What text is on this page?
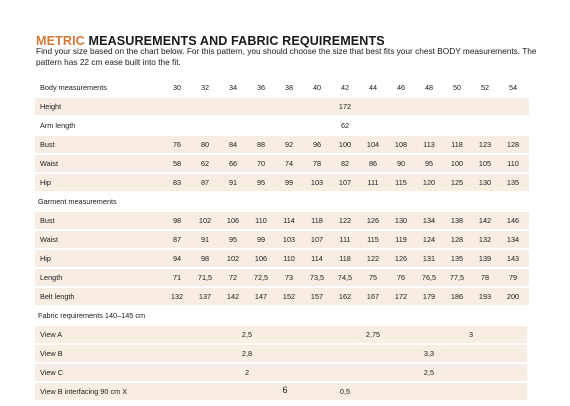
METRIC MEASUREMENTS AND FABRIC REQUIREMENTS

Find your size based on the chart below. For this pattern, you should choose the size that best fits your chest BODY measurements. The pattern has 22 cm ease built into the fit.

Body measurements	30	32	34	36	38	40	42	44	46	48	50	52	54	
Height	172													
Arm length	62													
Bust	76	80	84	88	92	96	100	104	108	113	118	123	128	
Waist	58	62	66	70	74	78	82	86	90	95	100	105	110	
Hip	83	87	91	95	99	103	107	111	115	120	125	130	135	
Garment measurements														
Bust	98	102	106	110	114	118	122	126	130	134	138	142	146	
Waist	87	91	95	99	103	107	111	115	119	124	128	132	134	
Hip	94	98	102	106	110	114	118	122	126	131	135	139	143	
Length	71	71,5	72	72,5	73	73,5	74,5	75	76	76,5	77,5	78	79	
Belt length	132	137	142	147	152	157	162	167	172	179	186	193	200	
Fabric requirements 140–145 cm														
View A	2,5						2,75			3				
View B	2,8						3,3							
View C	2						2,5							
View B interfacing 90 cm X	0,5													
6
